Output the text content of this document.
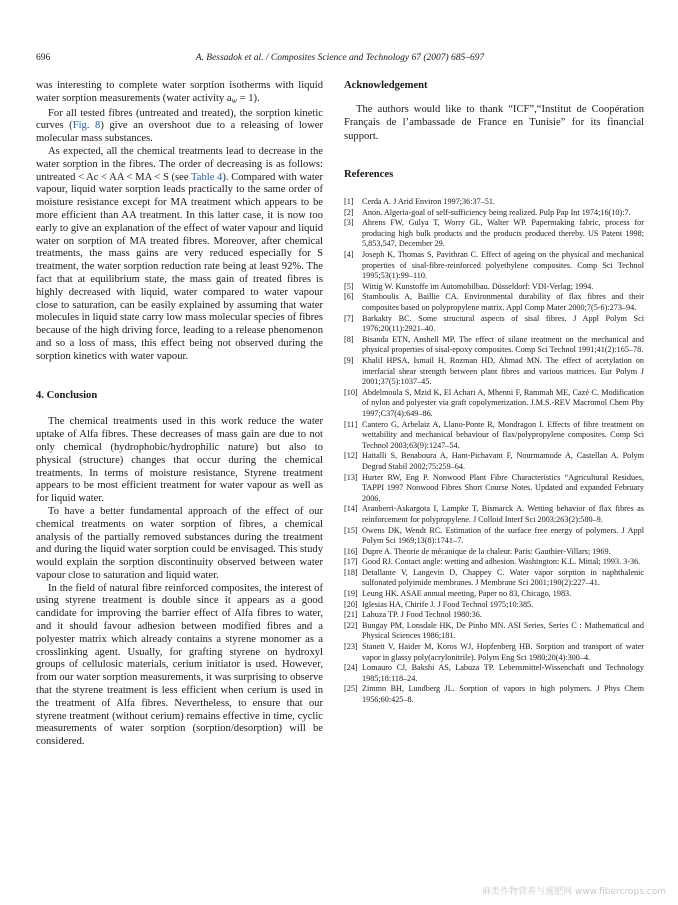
696	A. Bessadok et al. / Composites Science and Technology 67 (2007) 685–697

was interesting to complete water sorption isotherms with liquid water sorption measurements (water activity aw = 1).

For all tested fibres (untreated and treated), the sorption kinetic curves (Fig. 8) give an overshoot due to a releasing of lower molecular mass substances.

As expected, all the chemical treatments lead to decrease in the water sorption in the fibres. The order of decreasing is as follows: untreated < Ac < AA < MA < S (see Table 4). Compared with water vapour, liquid water sorption leads practically to the same order of moisture resistance except for MA treatment which appears to be more efficient than AA treatment. In this latter case, it is now too early to give an explanation of the effect of water vapour and liquid water on sorption of MA treated fibres. Moreover, after chemical treatments, the mass gains are very reduced especially for S treatment, the water sorption reduction rate being at least 92%. The fact that at equilibrium state, the mass gain of treated fibres is highly decreased with liquid, water compared to water vapour close to saturation, can be easily explained by assuming that water molecules in liquid state carry low mass molecular species of fibres because of the high driving force, leading to a release phenomenon and so a loss of mass, this effect being not observed during the sorption kinetics with water vapour.

4. Conclusion

The chemical treatments used in this work reduce the water uptake of Alfa fibres. These decreases of mass gain are due to not only chemical (hydrophobic/hydrophilic nature) but also to physical (structure) changes that occur during the chemical treatments. In terms of moisture resistance, Styrene treatment appears to be most efficient treatment for water vapour as well as for liquid water.

To have a better fundamental approach of the effect of our chemical treatments on water sorption of fibres, a chemical analysis of the partially removed substances during the treatment and during the liquid water sorption could be envisaged. This study would explain the sorption discontinuity observed between water vapour close to saturation and liquid water.

In the field of natural fibre reinforced composites, the interest of using styrene treatment is double since it appears as a good candidate for improving the barrier effect of Alfa fibres to water, and it should favour adhesion between modified fibres and a polyester matrix which already contains a styrene monomer as a crosslinking agent. Usually, for grafting styrene on hydroxyl groups of cellulosic materials, cerium initiator is used. However, from our water sorption measurements, it was surprising to observe that the styrene treatment is less efficient when cerium is used in the treatment of Alfa fibres. Nevertheless, to ensure that our styrene treatment (without cerium) remains effective in time, cyclic measurements of water sorption (sorption/desorption) will be considered.

Acknowledgement

The authors would like to thank “ICF”,“Institut de Coopération Français de l’ambassade de France en Tunisie” for its financial support.

References
[1] Cerda A. J Arid Environ 1997;36:37–51.
[2] Anon. Algeria-goal of self-sufficiency being realized. Pulp Pap Int 1974;16(10):7.
[3] Ahrens FW, Gulya T, Worry GL, Walter WP. Papermaking fabric, process for producing high bulk products and the products produced thereby. US Patent 1998; 5,853,547, December 29.
[4] Joseph K, Thomas S, Pavithran C. Effect of ageing on the physical and mechanical properties of sisal-fibre-reinforced polyethylene composites. Comp Sci Technol 1995;53(1):99–110.
[5] Wittig W. Kunstoffe im Automobilbau. Düsseldorf: VDI-Verlag; 1994.
[6] Stamboulis A, Baillie CA. Environmental durability of flax fibres and their composites based on polypropylene matrix. Appl Comp Mater 2000;7(5-6):273–94.
[7] Barkakty BC. Some structural aspects of sisal fibres. J Appl Polym Sci 1976;20(11):2921–40.
[8] Bisanda ETN, Anshell MP. The effect of silane treatment on the mechanical and physical properties of sisal-epoxy composites. Comp Sci Technol 1991;41(2):165–78.
[9] Khalil HPSA, Ismail H, Rozman HD, Ahmad MN. The effect of acetylation on interfacial shear strength between plant fibres and various matrices. Eur Polym J 2001;37(5):1037–45.
[10] Abdelmoula S, Mzid K, El Achari A, Mhenni F, Rammah ME, Cazé C. Modification of nylon and polyester via graft copolymerization. J.M.S.-REV Macromol Chem Phy 1997;C37(4):649–86.
[11] Cantero G, Arbelaiz A, Llano-Ponte R, Mondragon I. Effects of fibre treatment on wettability and mechanical behaviour of flax/polypropylene composites. Comp Sci Technol 2003;63(9):1247–54.
[12] Hattalli S, Benaboura A, Ham-Pichavant F, Nourmamode A, Castellan A. Polym Degrad Stabil 2002;75:259–64.
[13] Hurter RW, Eng P. Nonwood Plant Fibre Characteristics “Agricultural Residues, TAPPI 1997 Nonwood Fibres Short Course Notes. Updated and expanded February 2006.
[14] Aranberri-Askargota I, Lampke T, Bismarck A. Wetting behavior of flax fibres as reinforcement for polypropylene. J Colloid Interf Sci 2003;263(2):580–9.
[15] Owens DK, Wendt RC. Estimation of the surface free energy of polymers. J Appl Polym Sci 1969;13(8):1741–7.
[16] Dupre A. Theorie de mécanique de la chaleur. Paris: Gauthier-Villars; 1969.
[17] Good RJ. Contact angle: wetting and adhesion. Washington: K.L. Mittal; 1993. 3-36.
[18] Detallante V, Langevin D, Chappey C. Water vapor sorption in naphthalenic sulfonated polyimide membranes. J Membrane Sci 2001;190(2):227–41.
[19] Leung HK. ASAE annual meeting, Paper no 83, Chicago, 1983.
[20] Iglesias HA, Chirife J. J Food Technol 1975;10:385.
[21] Labuza TP. J Food Technol 1980:36.
[22] Bungay PM, Lonsdale HK, De Pinho MN. ASI Series, Series C : Mathematical and Physical Sciences 1986;181.
[23] Stanett V, Haider M, Koros WJ, Hopfenberg HB. Sorption and transport of water vapor in glassy poly(acrylonitrile). Polym Eng Sci 1980;20(4):300–4.
[24] Lomauro CJ, Bakshi AS, Labuza TP. Lebensmittel-Wissenchaft und Technology 1985;18:118–24.
[25] Zimmn BH, Lundberg JL. Sorption of vapors in high polymers. J Phys Chem 1956;60:425–8.
麻类作物营养与施肥网 www.fibercrops.com
